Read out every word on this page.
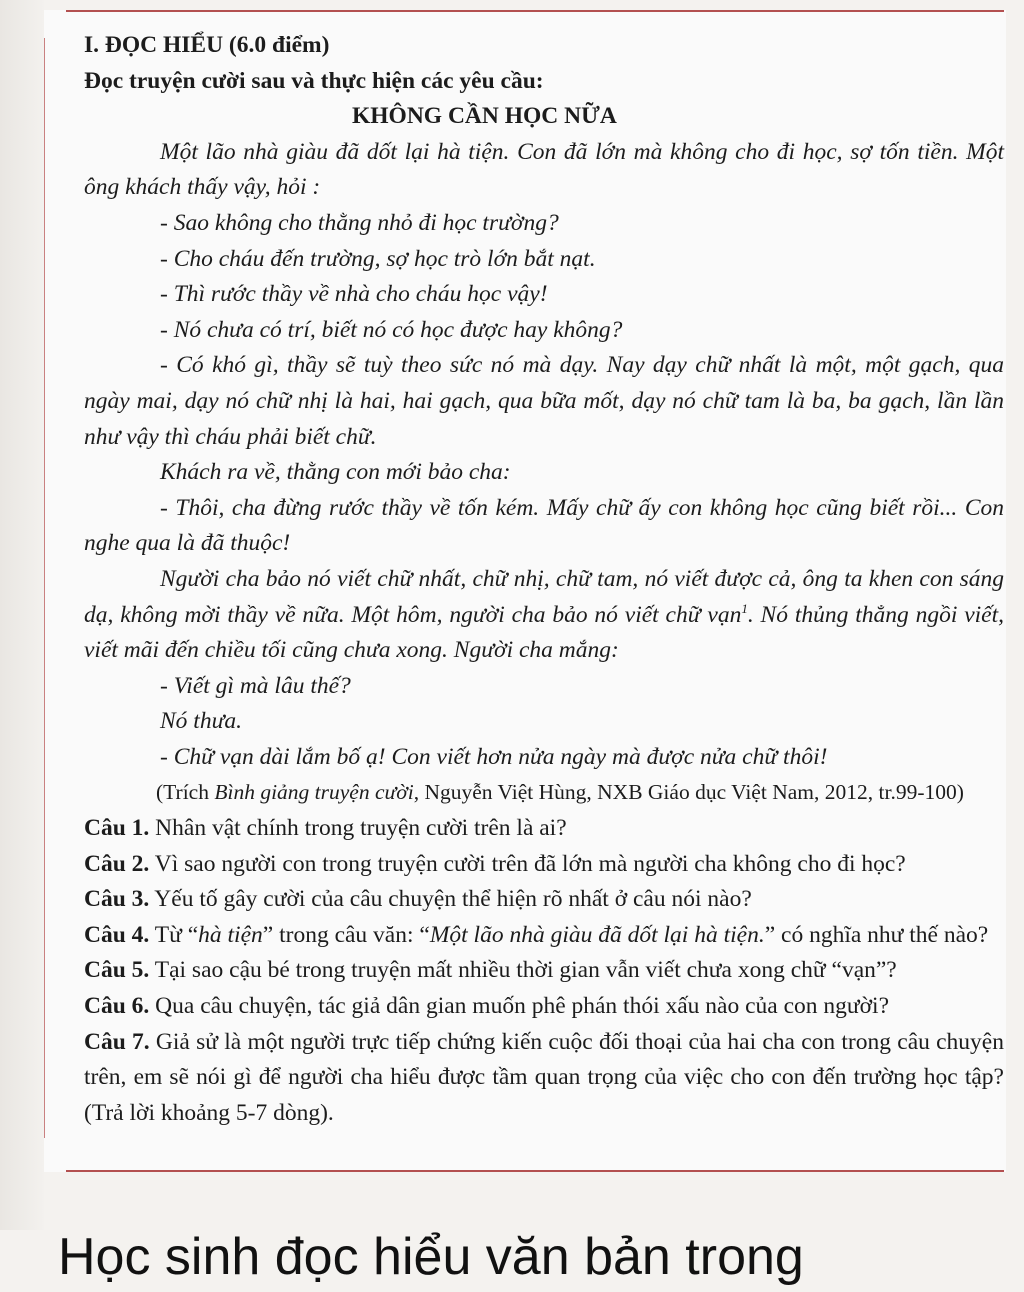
I. ĐỌC HIỂU (6.0 điểm)

Đọc truyện cười sau và thực hiện các yêu cầu:

KHÔNG CẦN HỌC NỮA

Một lão nhà giàu đã dốt lại hà tiện. Con đã lớn mà không cho đi học, sợ tốn tiền. Một ông khách thấy vậy, hỏi :

- Sao không cho thằng nhỏ đi học trường?

- Cho cháu đến trường, sợ học trò lớn bắt nạt.

- Thì rước thầy về nhà cho cháu học vậy!

- Nó chưa có trí, biết nó có học được hay không?

- Có khó gì, thầy sẽ tuỳ theo sức nó mà dạy. Nay dạy chữ nhất là một, một gạch, qua ngày mai, dạy nó chữ nhị là hai, hai gạch, qua bữa mốt, dạy nó chữ tam là ba, ba gạch, lần lần như vậy thì cháu phải biết chữ.

Khách ra về, thằng con mới bảo cha:

- Thôi, cha đừng rước thầy về tốn kém. Mấy chữ ấy con không học cũng biết rồi... Con nghe qua là đã thuộc!

Người cha bảo nó viết chữ nhất, chữ nhị, chữ tam, nó viết được cả, ông ta khen con sáng dạ, không mời thầy về nữa. Một hôm, người cha bảo nó viết chữ vạn$^1$. Nó thủng thẳng ngồi viết, viết mãi đến chiều tối cũng chưa xong. Người cha mắng:

- Viết gì mà lâu thế?

Nó thưa.

- Chữ vạn dài lắm bố ạ! Con viết hơn nửa ngày mà được nửa chữ thôi!

(Trích Bình giảng truyện cười, Nguyễn Việt Hùng, NXB Giáo dục Việt Nam, 2012, tr.99-100)

Câu 1. Nhân vật chính trong truyện cười trên là ai?

Câu 2. Vì sao người con trong truyện cười trên đã lớn mà người cha không cho đi học?

Câu 3. Yếu tố gây cười của câu chuyện thể hiện rõ nhất ở câu nói nào?

Câu 4. Từ “hà tiện” trong câu văn: “Một lão nhà giàu đã dốt lại hà tiện.” có nghĩa như thế nào?

Câu 5. Tại sao cậu bé trong truyện mất nhiều thời gian vẫn viết chưa xong chữ “vạn”?

Câu 6. Qua câu chuyện, tác giả dân gian muốn phê phán thói xấu nào của con người?

Câu 7. Giả sử là một người trực tiếp chứng kiến cuộc đối thoại của hai cha con trong câu chuyện trên, em sẽ nói gì để người cha hiểu được tầm quan trọng của việc cho con đến trường học tập? (Trả lời khoảng 5-7 dòng).

Học sinh đọc hiểu văn bản trong
